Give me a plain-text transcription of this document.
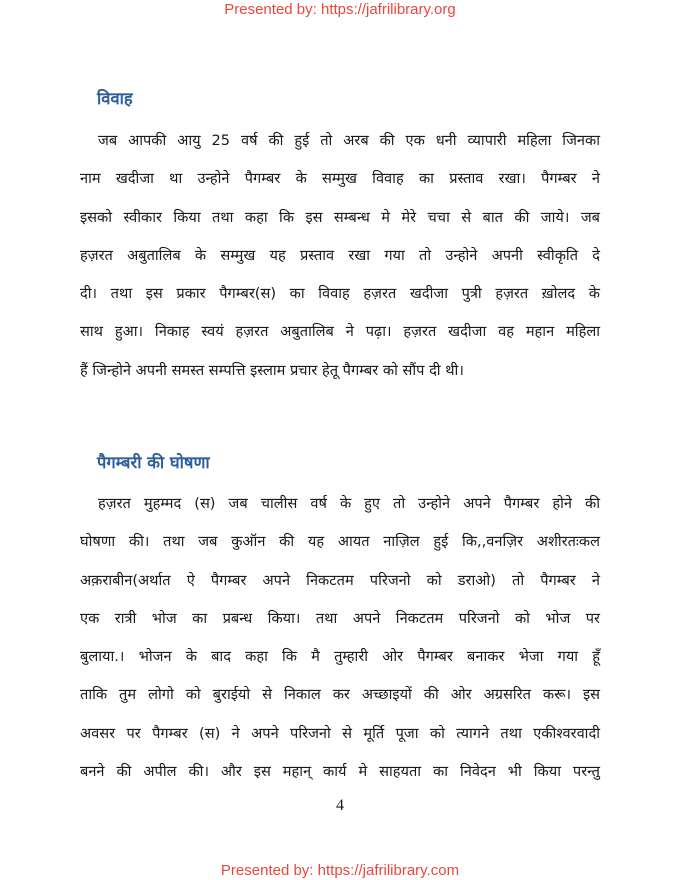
Presented by: https://jafrilibrary.org
विवाह
जब आपकी आयु 25 वर्ष की हुई तो अरब की एक धनी व्यापारी महिला जिनका
नाम खदीजा था उन्होने पैगम्बर के सम्मुख विवाह का प्रस्ताव रखा। पैगम्बर ने
इसको स्वीकार किया तथा कहा कि इस सम्बन्ध मे मेरे चचा से बात की जाये। जब
हज़रत अबुतालिब के सम्मुख यह प्रस्ताव रखा गया तो उन्होने अपनी स्वीकृति दे
दी। तथा इस प्रकार पैगम्बर(स) का विवाह हज़रत खदीजा पुत्री हज़रत ख़ोलद के
साथ हुआ। निकाह स्वयं हज़रत अबुतालिब ने पढ़ा। हज़रत खदीजा वह महान महिला
हैं जिन्होने अपनी समस्त सम्पत्ति इस्लाम प्रचार हेतू पैगम्बर को सौंप दी थी।
पैगम्बरी की घोषणा
हज़रत मुहम्मद (स) जब चालीस वर्ष के हुए तो उन्होने अपने पैगम्बर होने की
घोषणा की। तथा जब कुऑन की यह आयत नाज़िल हुई कि,,वनज़िर अशीरतःकल
अक़राबीन(अर्थात ऐ पैगम्बर अपने निकटतम परिजनो को डराओ) तो पैगम्बर ने
एक रात्री भोज का प्रबन्ध किया। तथा अपने निकटतम परिजनो को भोज पर
बुलाया.। भोजन के बाद कहा कि मै तुम्हारी ओर पैगम्बर बनाकर भेजा गया हूँ
ताकि तुम लोगो को बुराईयो से निकाल कर अच्छाइयों की ओर अग्रसरित करू। इस
अवसर पर पैगम्बर (स) ने अपने परिजनो से मूर्ति पूजा को त्यागने तथा एकीश्वरवादी
बनने की अपील की। और इस महान् कार्य मे साहयता का निवेदन भी किया परन्तु
4
Presented by: https://jafrilibrary.com
